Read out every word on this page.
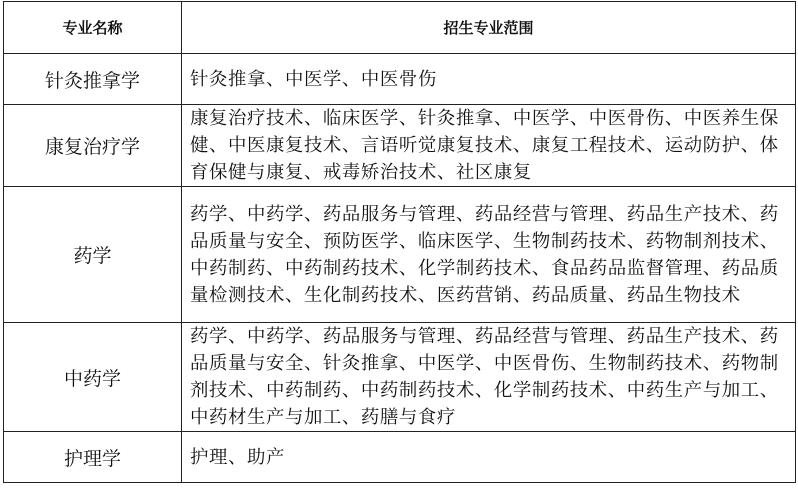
专业名称	招生专业范围
针灸推拿学	针灸推拿、中医学、中医骨伤
康复治疗学	康复治疗技术、临床医学、针灸推拿、中医学、中医骨伤、中医养生保健、中医康复技术、言语听觉康复技术、康复工程技术、运动防护、体育保健与康复、戒毒矫治技术、社区康复
药学	药学、中药学、药品服务与管理、药品经营与管理、药品生产技术、药品质量与安全、预防医学、临床医学、生物制药技术、药物制剂技术、中药制药、中药制药技术、化学制药技术、食品药品监督管理、药品质量检测技术、生化制药技术、医药营销、药品质量、药品生物技术
中药学	药学、中药学、药品服务与管理、药品经营与管理、药品生产技术、药品质量与安全、针灸推拿、中医学、中医骨伤、生物制药技术、药物制剂技术、中药制药、中药制药技术、化学制药技术、中药生产与加工、中药材生产与加工、药膳与食疗
护理学	护理、助产
